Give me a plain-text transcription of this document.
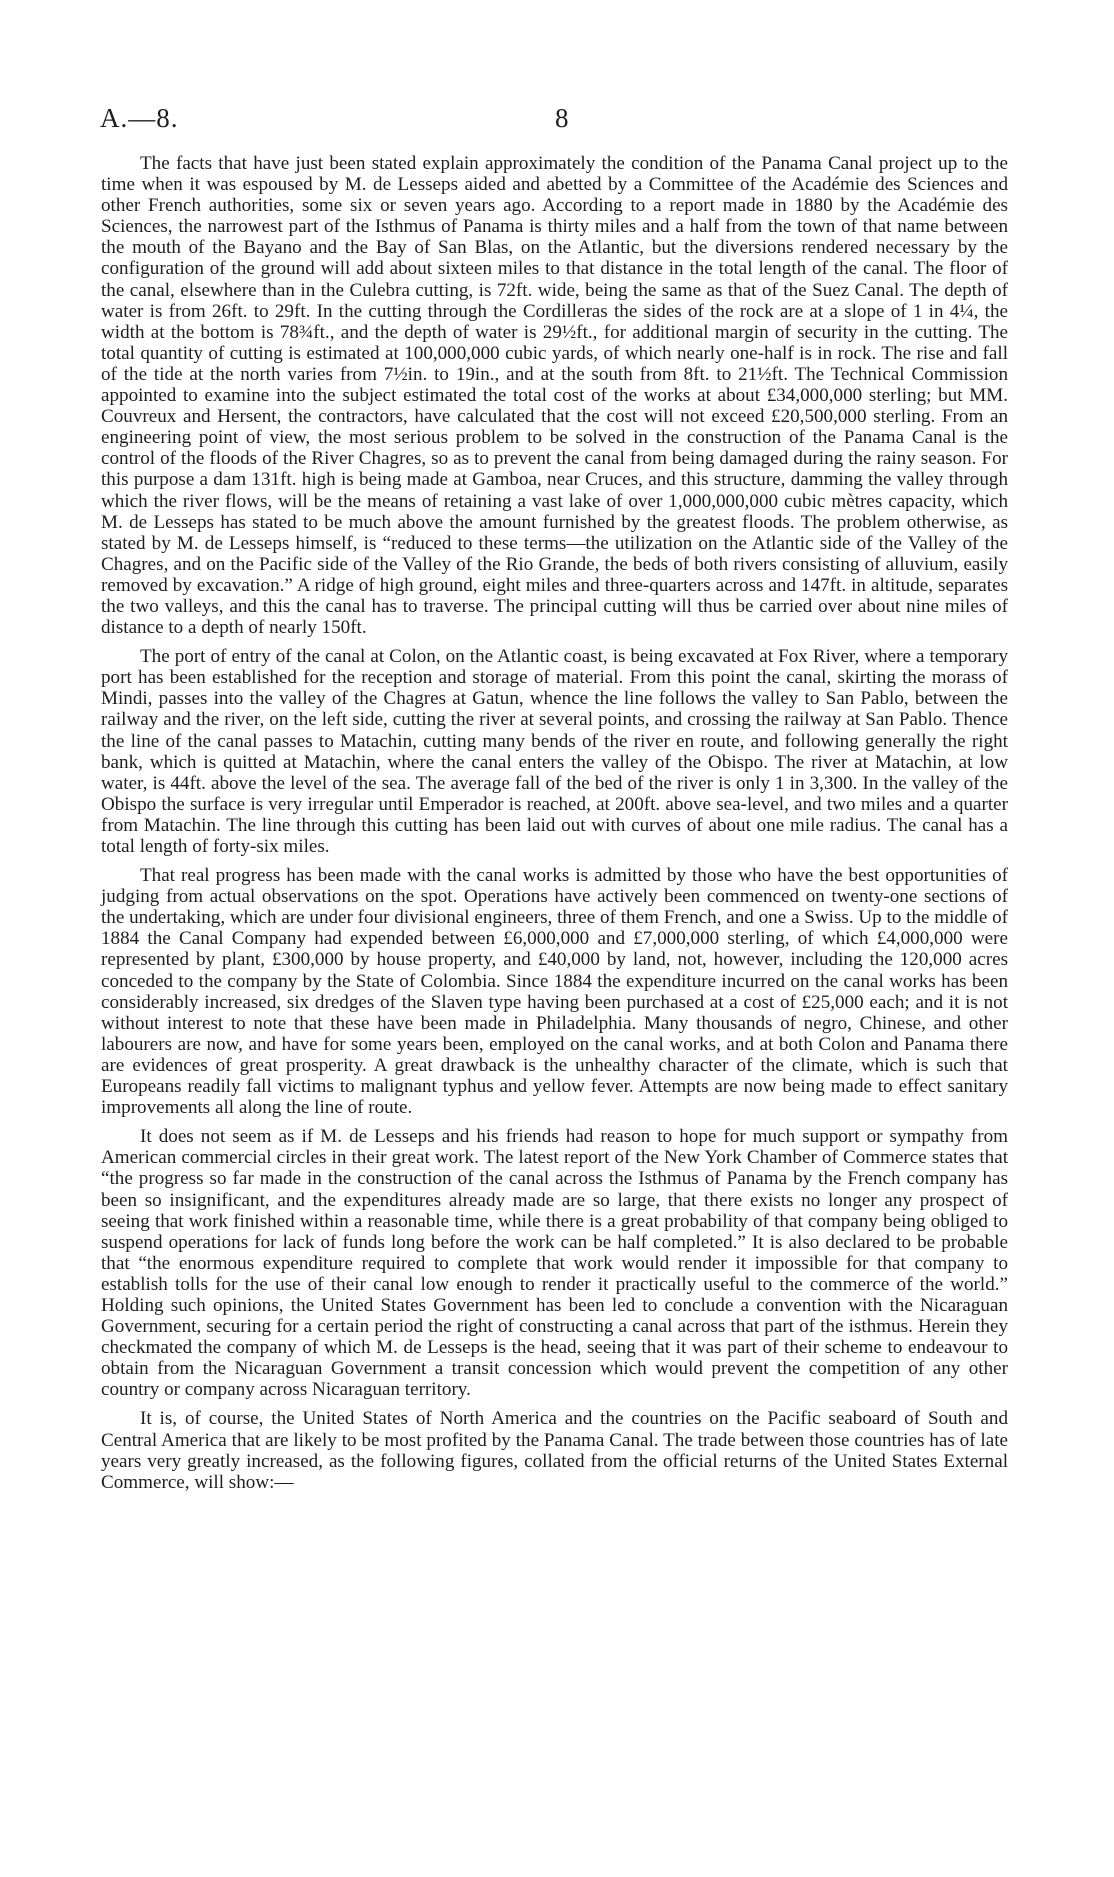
A.—8.	8

The facts that have just been stated explain approximately the condition of the Panama Canal project up to the time when it was espoused by M. de Lesseps aided and abetted by a Committee of the Académie des Sciences and other French authorities, some six or seven years ago. According to a report made in 1880 by the Académie des Sciences, the narrowest part of the Isthmus of Panama is thirty miles and a half from the town of that name between the mouth of the Bayano and the Bay of San Blas, on the Atlantic, but the diversions rendered necessary by the configuration of the ground will add about sixteen miles to that distance in the total length of the canal. The floor of the canal, elsewhere than in the Culebra cutting, is 72ft. wide, being the same as that of the Suez Canal. The depth of water is from 26ft. to 29ft. In the cutting through the Cordilleras the sides of the rock are at a slope of 1 in 4¼, the width at the bottom is 78¾ft., and the depth of water is 29½ft., for additional margin of security in the cutting. The total quantity of cutting is estimated at 100,000,000 cubic yards, of which nearly one-half is in rock. The rise and fall of the tide at the north varies from 7½in. to 19in., and at the south from 8ft. to 21½ft. The Technical Commission appointed to examine into the subject estimated the total cost of the works at about £34,000,000 sterling; but MM. Couvreux and Hersent, the contractors, have calculated that the cost will not exceed £20,500,000 sterling. From an engineering point of view, the most serious problem to be solved in the construction of the Panama Canal is the control of the floods of the River Chagres, so as to prevent the canal from being damaged during the rainy season. For this purpose a dam 131ft. high is being made at Gamboa, near Cruces, and this structure, damming the valley through which the river flows, will be the means of retaining a vast lake of over 1,000,000,000 cubic mètres capacity, which M. de Lesseps has stated to be much above the amount furnished by the greatest floods. The problem otherwise, as stated by M. de Lesseps himself, is “reduced to these terms—the utilization on the Atlantic side of the Valley of the Chagres, and on the Pacific side of the Valley of the Rio Grande, the beds of both rivers consisting of alluvium, easily removed by excavation.” A ridge of high ground, eight miles and three-quarters across and 147ft. in altitude, separates the two valleys, and this the canal has to traverse. The principal cutting will thus be carried over about nine miles of distance to a depth of nearly 150ft.

The port of entry of the canal at Colon, on the Atlantic coast, is being excavated at Fox River, where a temporary port has been established for the reception and storage of material. From this point the canal, skirting the morass of Mindi, passes into the valley of the Chagres at Gatun, whence the line follows the valley to San Pablo, between the railway and the river, on the left side, cutting the river at several points, and crossing the railway at San Pablo. Thence the line of the canal passes to Matachin, cutting many bends of the river en route, and following generally the right bank, which is quitted at Matachin, where the canal enters the valley of the Obispo. The river at Matachin, at low water, is 44ft. above the level of the sea. The average fall of the bed of the river is only 1 in 3,300. In the valley of the Obispo the surface is very irregular until Emperador is reached, at 200ft. above sea-level, and two miles and a quarter from Matachin. The line through this cutting has been laid out with curves of about one mile radius. The canal has a total length of forty-six miles.

That real progress has been made with the canal works is admitted by those who have the best opportunities of judging from actual observations on the spot. Operations have actively been commenced on twenty-one sections of the undertaking, which are under four divisional engineers, three of them French, and one a Swiss. Up to the middle of 1884 the Canal Company had expended between £6,000,000 and £7,000,000 sterling, of which £4,000,000 were represented by plant, £300,000 by house property, and £40,000 by land, not, however, including the 120,000 acres conceded to the company by the State of Colombia. Since 1884 the expenditure incurred on the canal works has been considerably increased, six dredges of the Slaven type having been purchased at a cost of £25,000 each; and it is not without interest to note that these have been made in Philadelphia. Many thousands of negro, Chinese, and other labourers are now, and have for some years been, employed on the canal works, and at both Colon and Panama there are evidences of great prosperity. A great drawback is the unhealthy character of the climate, which is such that Europeans readily fall victims to malignant typhus and yellow fever. Attempts are now being made to effect sanitary improvements all along the line of route.

It does not seem as if M. de Lesseps and his friends had reason to hope for much support or sympathy from American commercial circles in their great work. The latest report of the New York Chamber of Commerce states that “the progress so far made in the construction of the canal across the Isthmus of Panama by the French company has been so insignificant, and the expenditures already made are so large, that there exists no longer any prospect of seeing that work finished within a reasonable time, while there is a great probability of that company being obliged to suspend operations for lack of funds long before the work can be half completed.” It is also declared to be probable that “the enormous expenditure required to complete that work would render it impossible for that company to establish tolls for the use of their canal low enough to render it practically useful to the commerce of the world.” Holding such opinions, the United States Government has been led to conclude a convention with the Nicaraguan Government, securing for a certain period the right of constructing a canal across that part of the isthmus. Herein they checkmated the company of which M. de Lesseps is the head, seeing that it was part of their scheme to endeavour to obtain from the Nicaraguan Government a transit concession which would prevent the competition of any other country or company across Nicaraguan territory.

It is, of course, the United States of North America and the countries on the Pacific seaboard of South and Central America that are likely to be most profited by the Panama Canal. The trade between those countries has of late years very greatly increased, as the following figures, collated from the official returns of the United States External Commerce, will show:—
